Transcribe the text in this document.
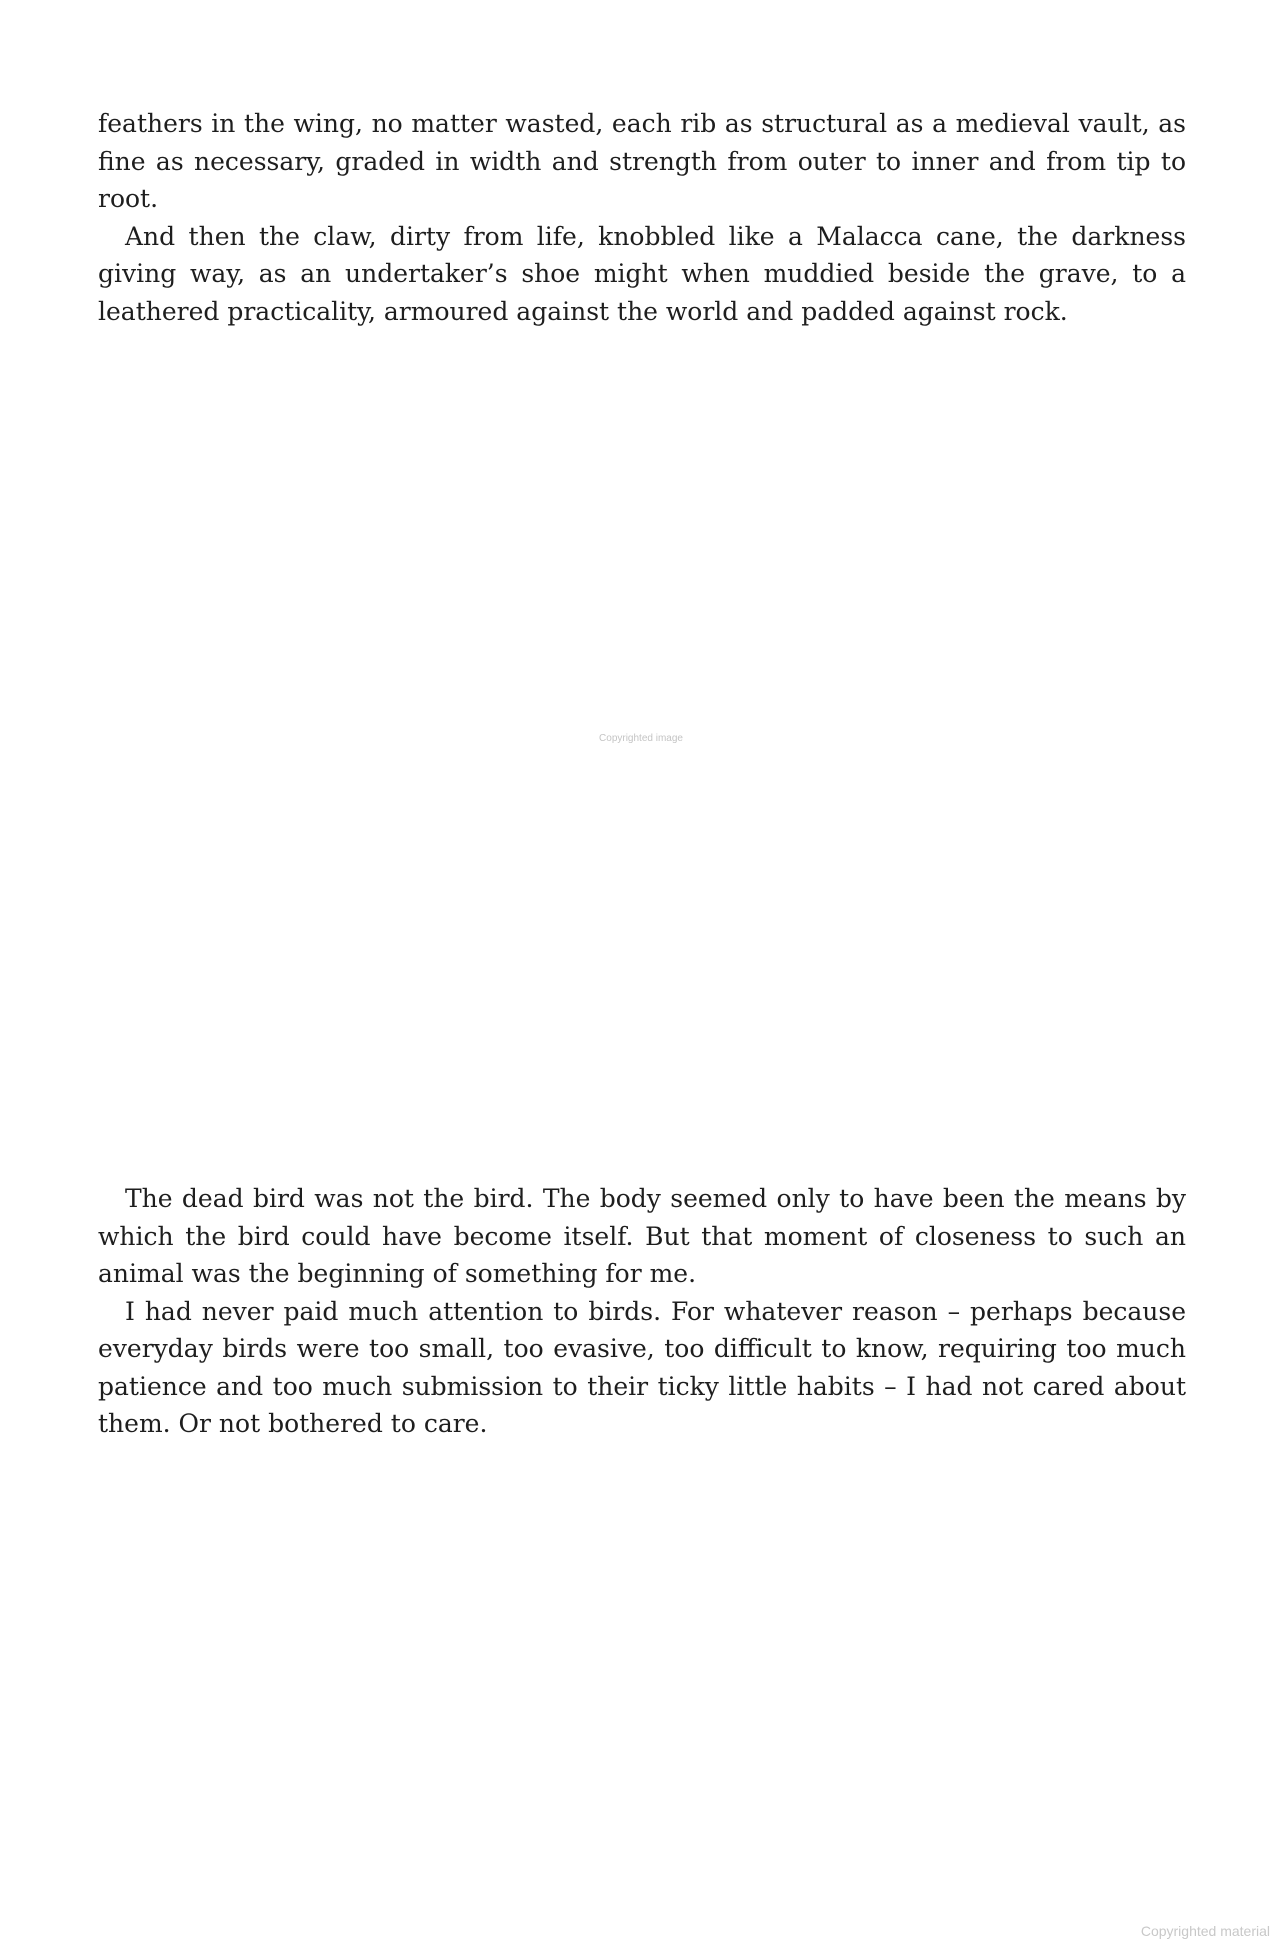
feathers in the wing, no matter wasted, each rib as structural as a medieval vault, as fine as necessary, graded in width and strength from outer to inner and from tip to root.

And then the claw, dirty from life, knobbled like a Malacca cane, the darkness giving way, as an undertaker’s shoe might when muddied beside the grave, to a leathered practicality, armoured against the world and padded against rock.

Copyrighted image

The dead bird was not the bird. The body seemed only to have been the means by which the bird could have become itself. But that moment of closeness to such an animal was the beginning of something for me.

I had never paid much attention to birds. For whatever reason – perhaps because everyday birds were too small, too evasive, too difficult to know, requiring too much patience and too much submission to their ticky little habits – I had not cared about them. Or not bothered to care.

Copyrighted material
